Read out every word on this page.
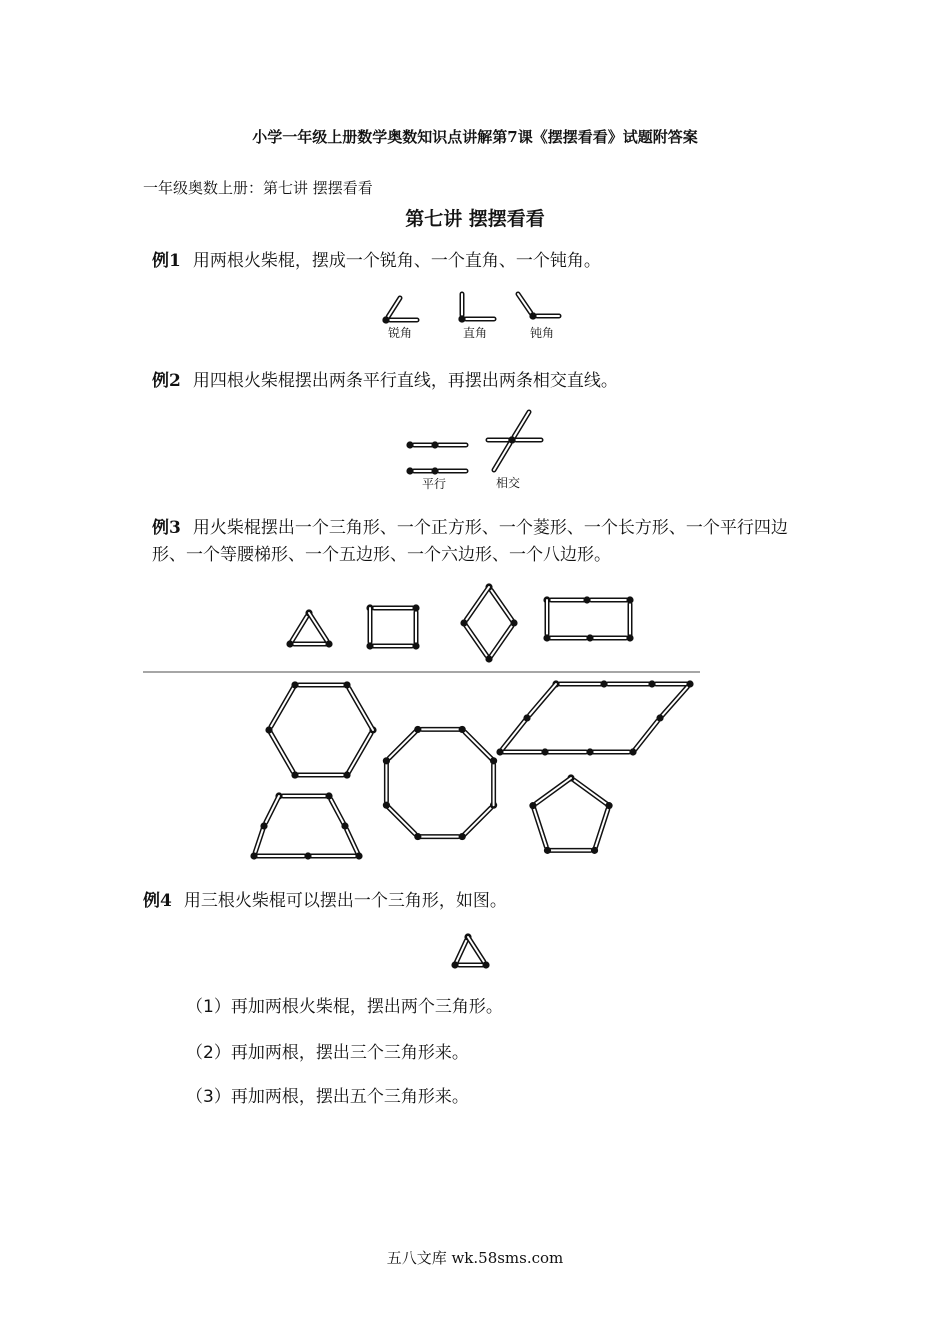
小学一年级上册数学奥数知识点讲解第7课《摆摆看看》试题附答案
一年级奥数上册：第七讲 摆摆看看
第七讲 摆摆看看
例1 用两根火柴棍，摆成一个锐角、一个直角、一个钝角。
例2 用四根火柴棍摆出两条平行直线，再摆出两条相交直线。
例3 用火柴棍摆出一个三角形、一个正方形、一个菱形、一个长方形、一个平行四边形、一个等腰梯形、一个五边形、一个六边形、一个八边形。
例4 用三根火柴棍可以摆出一个三角形，如图。
（1）再加两根火柴棍，摆出两个三角形。
（2）再加两根，摆出三个三角形来。
（3）再加两根，摆出五个三角形来。
五八文库 wk.58sms.com
锐角	直角	钝角
平行	相交
